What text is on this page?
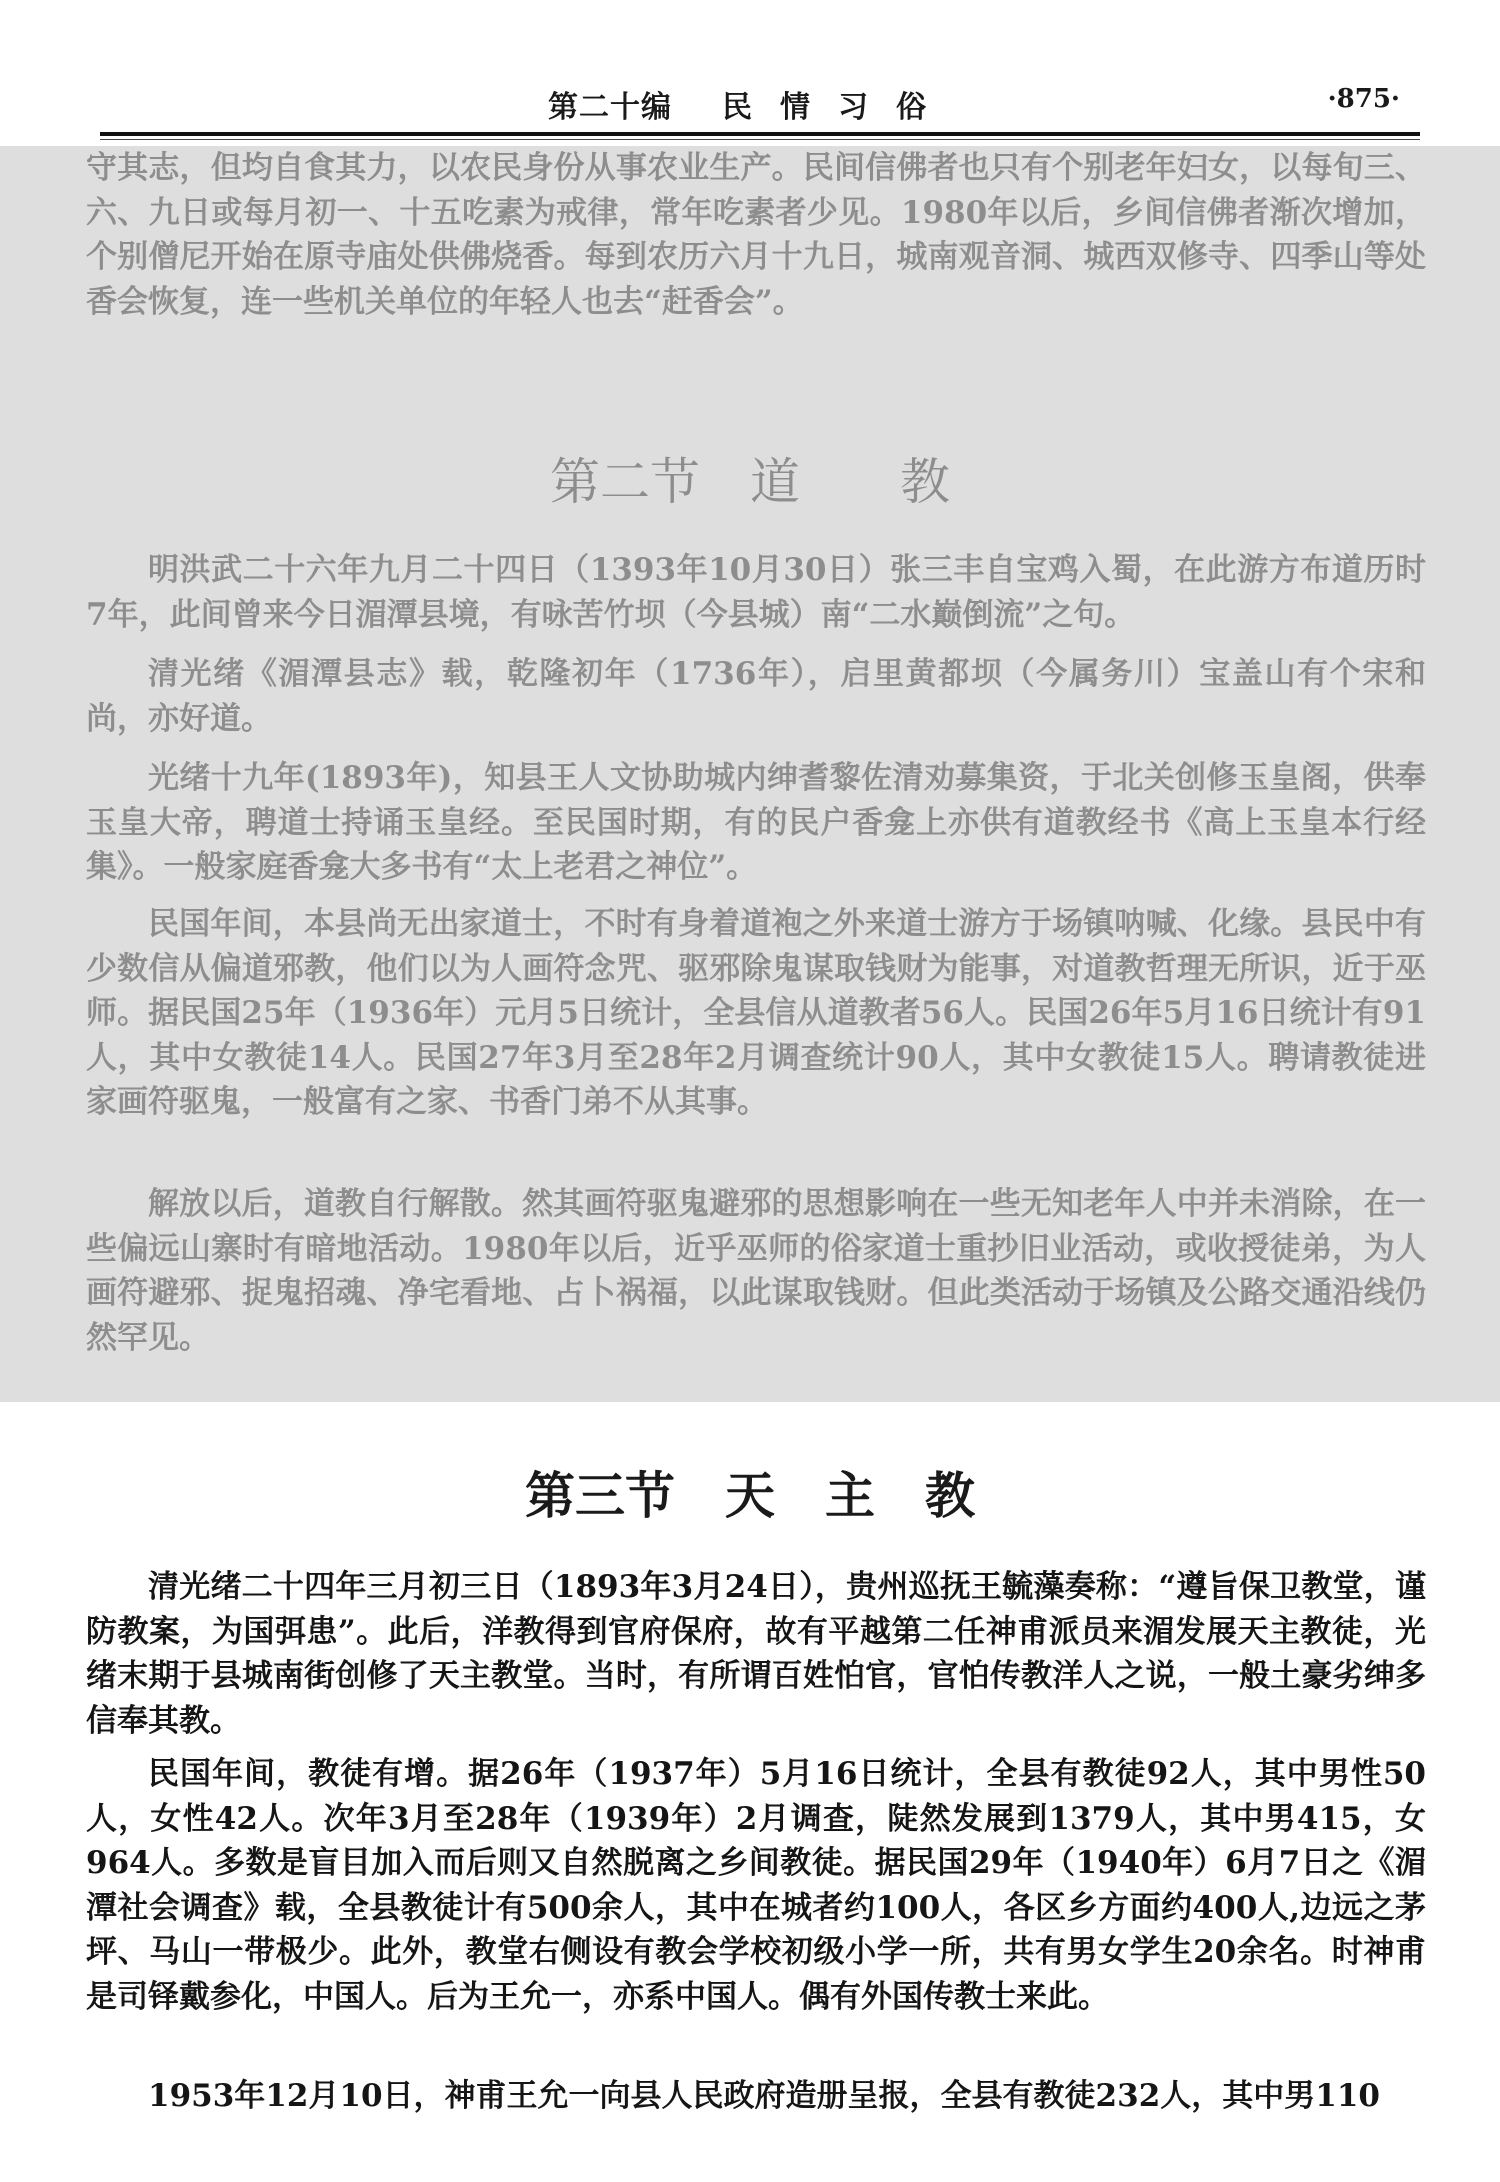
第二十编 民情习俗	·875·

守其志，但均自食其力，以农民身份从事农业生产。民间信佛者也只有个别老年妇女，以每旬三、六、九日或每月初一、十五吃素为戒律，常年吃素者少见。1980年以后，乡间信佛者渐次增加，个别僧尼开始在原寺庙处供佛烧香。每到农历六月十九日，城南观音洞、城西双修寺、四季山等处香会恢复，连一些机关单位的年轻人也去“赶香会”。

第二节　道　　教

明洪武二十六年九月二十四日（1393年10月30日）张三丰自宝鸡入蜀，在此游方布道历时7年，此间曾来今日湄潭县境，有咏苦竹坝（今县城）南“二水巅倒流”之句。

清光绪《湄潭县志》载，乾隆初年（1736年），启里黄都坝（今属务川）宝盖山有个宋和尚，亦好道。

光绪十九年(1893年)，知县王人文协助城内绅耆黎佐清劝募集资，于北关创修玉皇阁，供奉玉皇大帝，聘道士持诵玉皇经。至民国时期，有的民户香龛上亦供有道教经书《高上玉皇本行经集》。一般家庭香龛大多书有“太上老君之神位”。

民国年间，本县尚无出家道士，不时有身着道袍之外来道士游方于场镇呐喊、化缘。县民中有少数信从偏道邪教，他们以为人画符念咒、驱邪除鬼谋取钱财为能事，对道教哲理无所识，近于巫师。据民国25年（1936年）元月5日统计，全县信从道教者56人。民国26年5月16日统计有91人，其中女教徒14人。民国27年3月至28年2月调查统计90人，其中女教徒15人。聘请教徒进家画符驱鬼，一般富有之家、书香门弟不从其事。

解放以后，道教自行解散。然其画符驱鬼避邪的思想影响在一些无知老年人中并未消除，在一些偏远山寨时有暗地活动。1980年以后，近乎巫师的俗家道士重抄旧业活动，或收授徒弟，为人画符避邪、捉鬼招魂、净宅看地、占卜祸福，以此谋取钱财。但此类活动于场镇及公路交通沿线仍然罕见。

第三节　天　主　教

清光绪二十四年三月初三日（1893年3月24日），贵州巡抚王毓藻奏称：“遵旨保卫教堂，谨防教案，为国弭患”。此后，洋教得到官府保府，故有平越第二任神甫派员来湄发展天主教徒，光绪末期于县城南街创修了天主教堂。当时，有所谓百姓怕官，官怕传教洋人之说，一般土豪劣绅多信奉其教。

民国年间，教徒有增。据26年（1937年）5月16日统计，全县有教徒92人，其中男性50人，女性42人。次年3月至28年（1939年）2月调查，陡然发展到1379人，其中男415，女964人。多数是盲目加入而后则又自然脱离之乡间教徒。据民国29年（1940年）6月7日之《湄潭社会调查》载，全县教徒计有500余人，其中在城者约100人，各区乡方面约400人,边远之茅坪、马山一带极少。此外，教堂右侧设有教会学校初级小学一所，共有男女学生20余名。时神甫是司铎戴参化，中国人。后为王允一，亦系中国人。偶有外国传教士来此。

1953年12月10日，神甫王允一向县人民政府造册呈报，全县有教徒232人，其中男110
